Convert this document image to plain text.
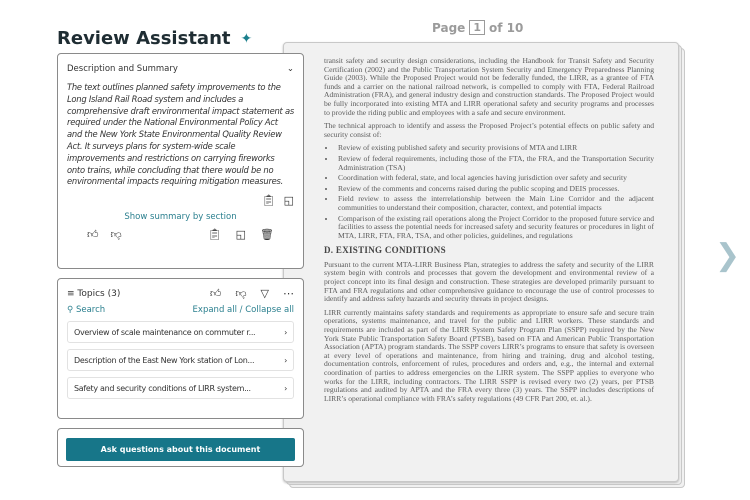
Review Assistant ✦
Description and Summary	⌄
The text outlines planned safety improvements to the Long Island Rail Road system and includes a comprehensive draft environmental impact statement as required under the National Environmental Policy Act and the New York State Environmental Quality Review Act. It surveys plans for system-wide scale improvements and restrictions on carrying fireworks onto trains, while concluding that there would be no environmental impacts requiring mitigation measures.
📋︎ ◱
Show summary by section
👍︎ 👎︎	📋︎ ◱ 🗑︎
≡ Topics (3)	👍︎ 👎︎ ▽ ⋯
⚲ Search	Expand all / Collapse all
Overview of scale maintenance on commuter r...	›
Description of the East New York station of Lon...	›
Safety and security conditions of LIRR system...	›
Ask questions about this document
Page 1 of 10

transit safety and security design considerations, including the Handbook for Transit Safety and Security Certification (2002) and the Public Transportation System Security and Emergency Preparedness Planning Guide (2003). While the Proposed Project would not be federally funded, the LIRR, as a grantee of FTA funds and a carrier on the national railroad network, is compelled to comply with FTA, Federal Railroad Administration (FRA), and general industry design and construction standards. The Proposed Project would be fully incorporated into existing MTA and LIRR operational safety and security programs and processes to provide the riding public and employees with a safe and secure environment.

The technical approach to identify and assess the Proposed Project’s potential effects on public safety and security consist of:

• Review of existing published safety and security provisions of MTA and LIRR
• Review of federal requirements, including those of the FTA, the FRA, and the Transportation Security Administration (TSA)
• Coordination with federal, state, and local agencies having jurisdiction over safety and security
• Review of the comments and concerns raised during the public scoping and DEIS processes.
• Field review to assess the interrelationship between the Main Line Corridor and the adjacent communities to understand their composition, character, context, and potential impacts
• Comparison of the existing rail operations along the Project Corridor to the proposed future service and facilities to assess the potential needs for increased safety and security features or procedures in light of MTA, LIRR, FTA, FRA, TSA, and other policies, guidelines, and regulations
D. EXISTING CONDITIONS

Pursuant to the current MTA-LIRR Business Plan, strategies to address the safety and security of the LIRR system begin with controls and processes that govern the development and environmental review of a project concept into its final design and construction. These strategies are developed primarily pursuant to FTA and FRA regulations and other comprehensive guidance to encourage the use of control processes to identify and address safety hazards and security threats in project designs.

LIRR currently maintains safety standards and requirements as appropriate to ensure safe and secure train operations, systems maintenance, and travel for the public and LIRR workers. These standards and requirements are included as part of the LIRR System Safety Program Plan (SSPP) required by the New York State Public Transportation Safety Board (PTSB), based on FTA and American Public Transportation Association (APTA) program standards. The SSPP covers LIRR’s programs to ensure that safety is overseen at every level of operations and maintenance, from hiring and training, drug and alcohol testing, documentation controls, enforcement of rules, procedures and orders and, e.g., the internal and external coordination of parties to address emergencies on the LIRR system. The SSPP applies to everyone who works for the LIRR, including contractors. The LIRR SSPP is revised every two (2) years, per PTSB regulations and audited by APTA and the FRA every three (3) years. The SSPP includes descriptions of LIRR’s operational compliance with FRA’s safety regulations (49 CFR Part 200, et. al.).

❯
